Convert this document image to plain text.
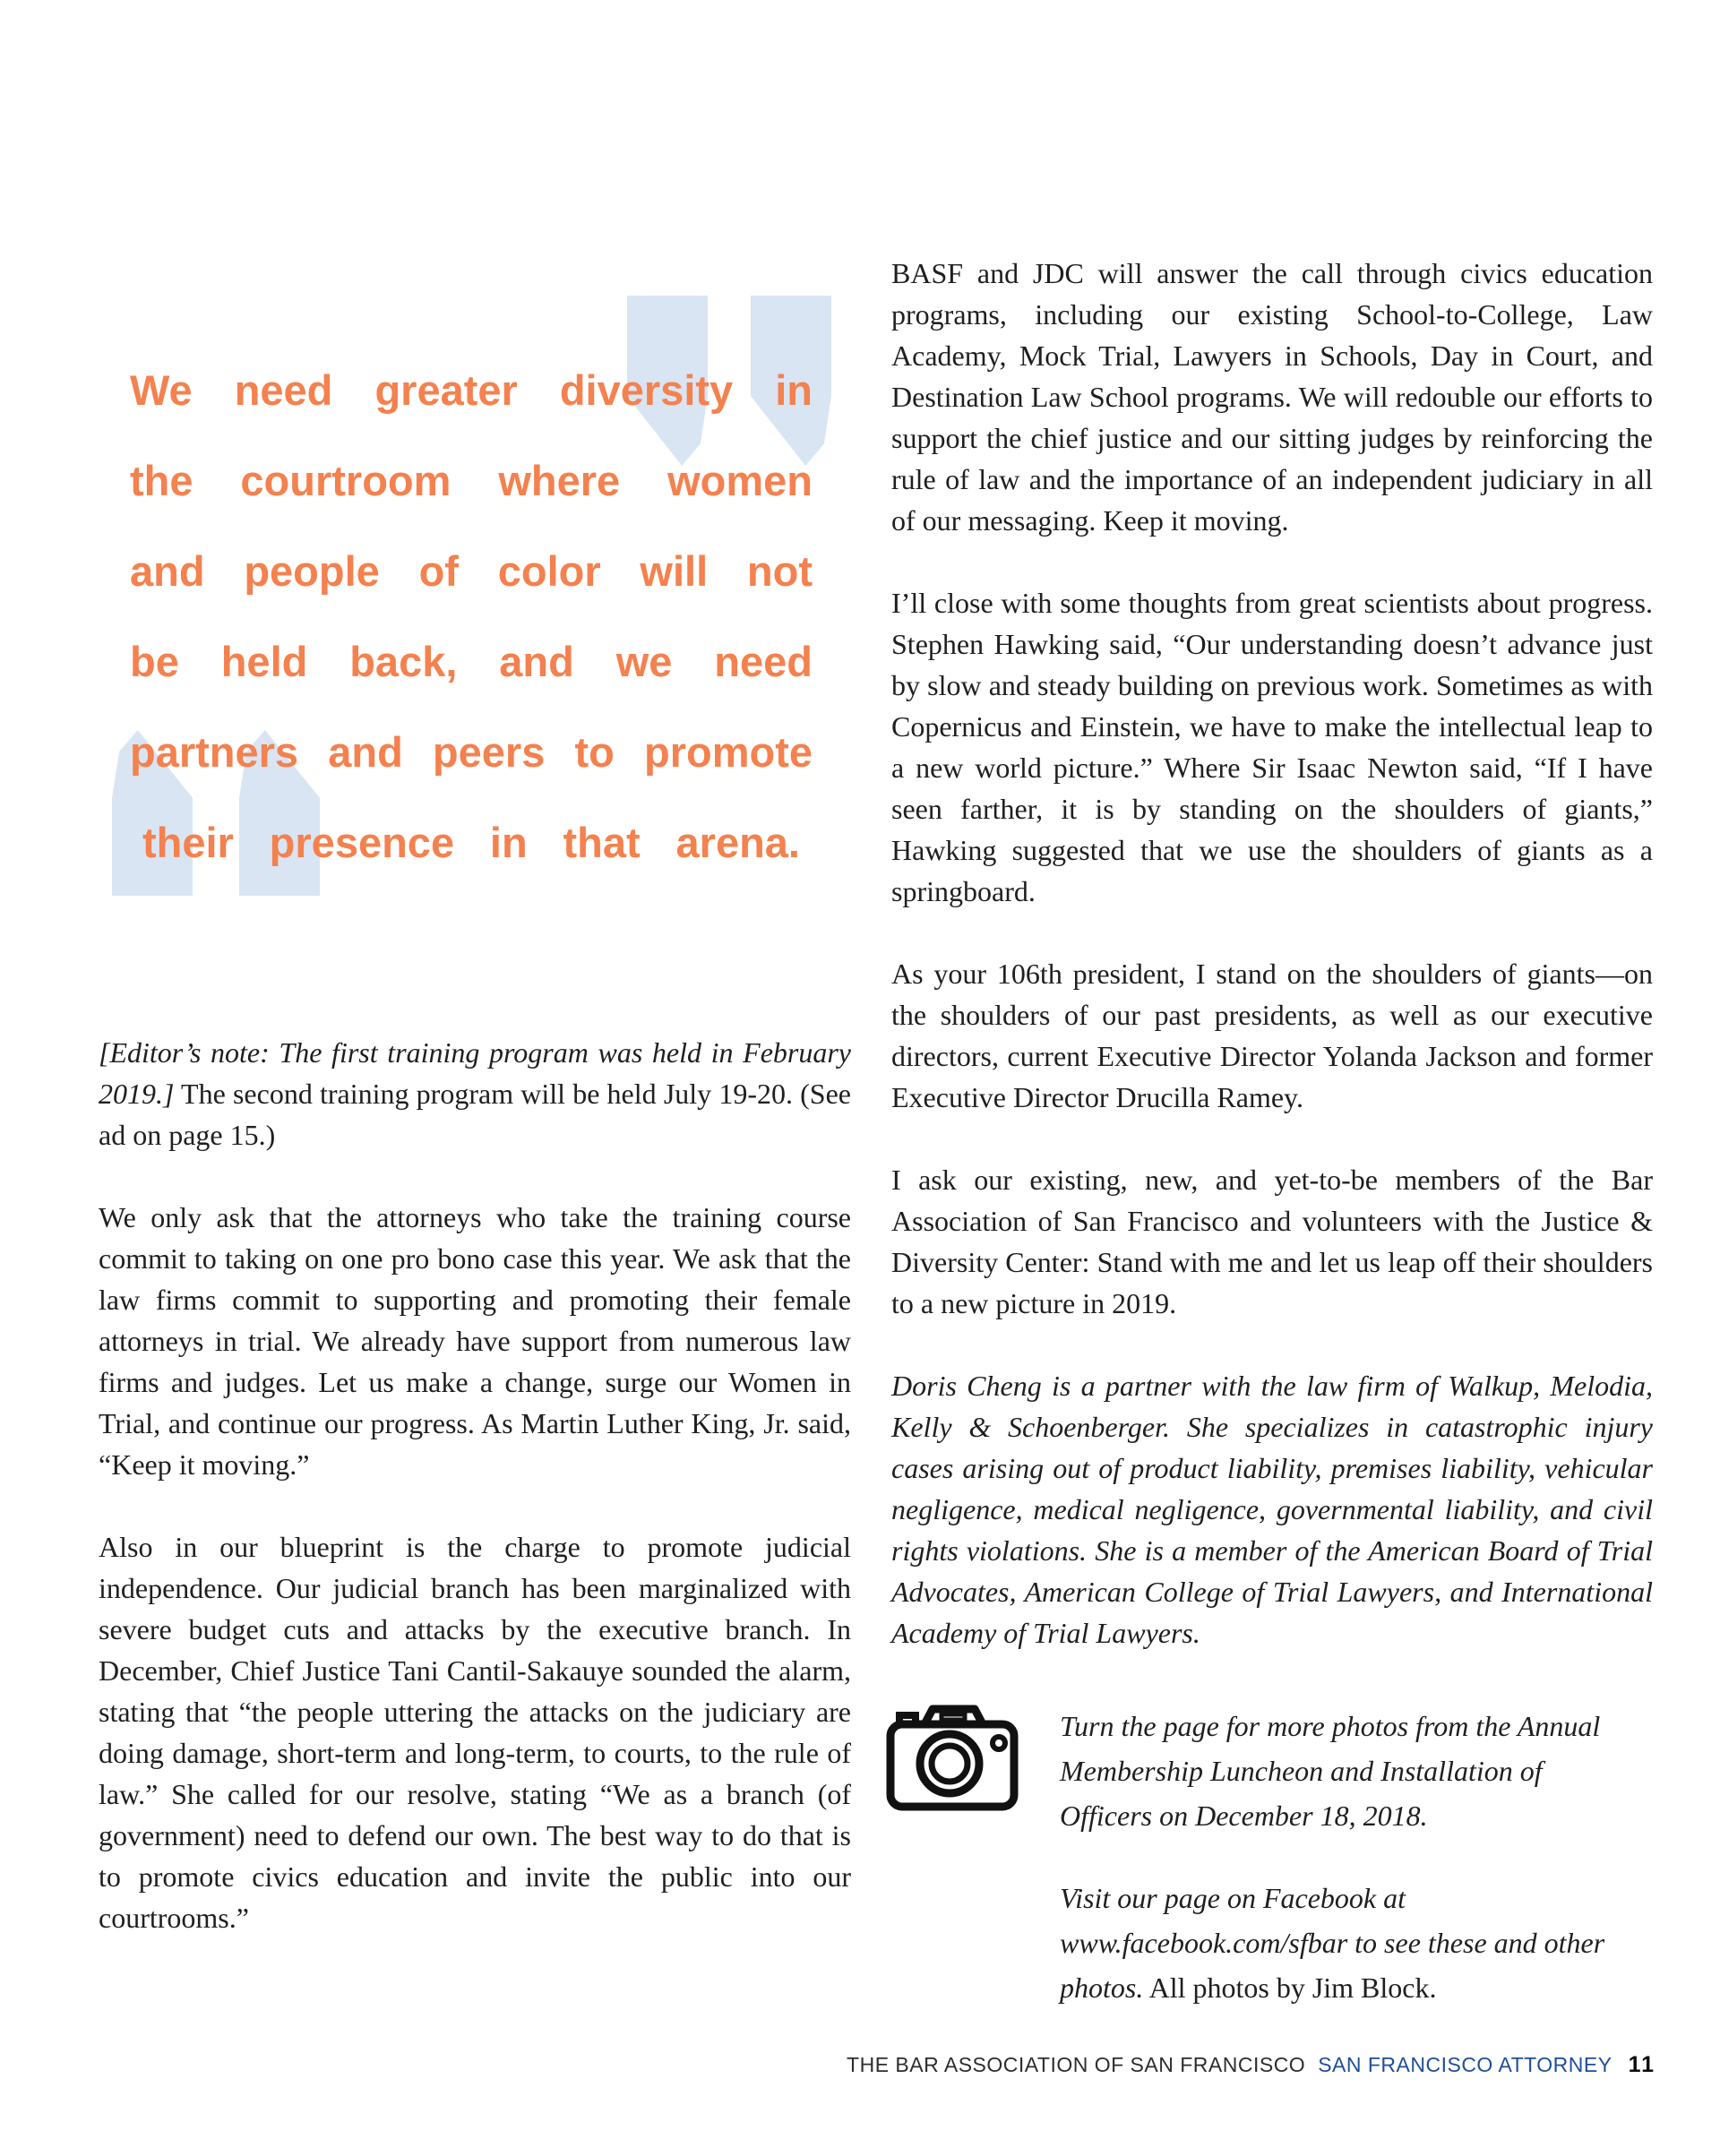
We need greater diversity in
the courtroom where women
and people of color will not
be held back, and we need
partners and peers to promote
their presence in that arena.

[Editor’s note: The first training program was held in February 2019.] The second training program will be held July 19-20. (See ad on page 15.)

We only ask that the attorneys who take the training course commit to taking on one pro bono case this year. We ask that the law firms commit to supporting and promoting their female attorneys in trial. We already have support from numerous law firms and judges. Let us make a change, surge our Women in Trial, and continue our progress. As Martin Luther King, Jr. said, “Keep it moving.”

Also in our blueprint is the charge to promote judicial independence. Our judicial branch has been marginalized with severe budget cuts and attacks by the executive branch. In December, Chief Justice Tani Cantil-Sakauye sounded the alarm, stating that “the people uttering the attacks on the judiciary are doing damage, short-term and long-term, to courts, to the rule of law.” She called for our resolve, stating “We as a branch (of government) need to defend our own. The best way to do that is to promote civics education and invite the public into our courtrooms.”

BASF and JDC will answer the call through civics education programs, including our existing School-to-College, Law Academy, Mock Trial, Lawyers in Schools, Day in Court, and Destination Law School programs. We will redouble our efforts to support the chief justice and our sitting judges by reinforcing the rule of law and the importance of an independent judiciary in all of our messaging. Keep it moving.

I’ll close with some thoughts from great scientists about progress. Stephen Hawking said, “Our understanding doesn’t advance just by slow and steady building on previous work. Sometimes as with Copernicus and Einstein, we have to make the intellectual leap to a new world picture.” Where Sir Isaac Newton said, “If I have seen farther, it is by standing on the shoulders of giants,” Hawking suggested that we use the shoulders of giants as a springboard.

As your 106th president, I stand on the shoulders of giants—on the shoulders of our past presidents, as well as our executive directors, current Executive Director Yolanda Jackson and former Executive Director Drucilla Ramey.

I ask our existing, new, and yet-to-be members of the Bar Association of San Francisco and volunteers with the Justice & Diversity Center: Stand with me and let us leap off their shoulders to a new picture in 2019.

Doris Cheng is a partner with the law firm of Walkup, Melodia, Kelly & Schoenberger. She specializes in catastrophic injury cases arising out of product liability, premises liability, vehicular negligence, medical negligence, governmental liability, and civil rights violations. She is a member of the American Board of Trial Advocates, American College of Trial Lawyers, and International Academy of Trial Lawyers.

Turn the page for more photos from the Annual Membership Luncheon and Installation of Officers on December 18, 2018.
Visit our page on Facebook at www.facebook.com/sfbar to see these and other photos. All photos by Jim Block.
THE BAR ASSOCIATION OF SAN FRANCISCO SAN FRANCISCO ATTORNEY 11
